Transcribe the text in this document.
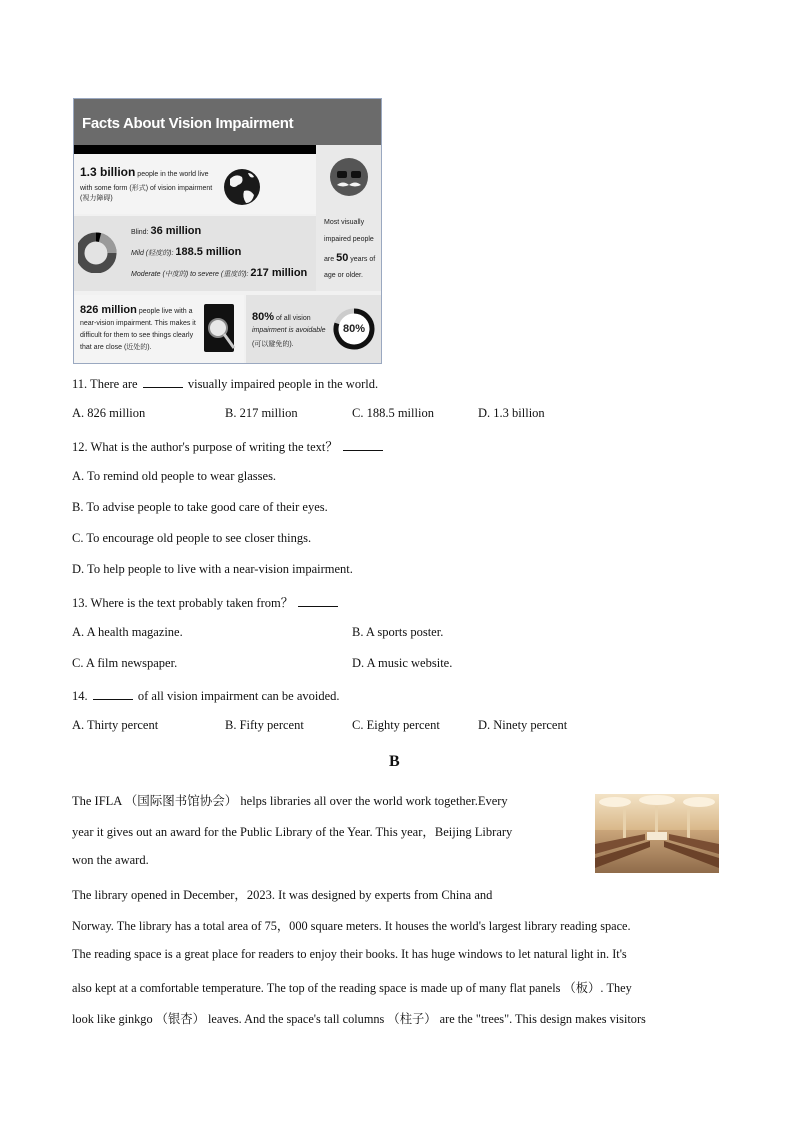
Facts About Vision Impairment
1.3 billion people in the world live
with some form (形式) of vision impairment
(视力障碍)
Blind: 36 million
Mild (轻度的): 188.5 million
Moderate (中度的) to severe (重度的): 217 million
Most visually
impaired people
are 50 years of
age or older.
826 million people live with a
near-vision impairment. This makes it
difficult for them to see things clearly
that are close (近处的).
80% of all vision
impairment is avoidable
(可以避免的).
80%
11. There are	visually impaired people in the world.
A. 826 million	B. 217 million	C. 188.5 million	D. 1.3 billion
12. What is the author's purpose of writing the text？
A. To remind old people to wear glasses.
B. To advise people to take good care of their eyes.
C. To encourage old people to see closer things.
D. To help people to live with a near-vision impairment.
13. Where is the text probably taken from？
A. A health magazine.	B. A sports poster.
C. A film newspaper.	D. A music website.
14.	of all vision impairment can be avoided.
A. Thirty percent	B. Fifty percent	C. Eighty percent	D. Ninety percent
B
The IFLA （国际图书馆协会） helps libraries all over the world work together.Every
year it gives out an award for the Public Library of the Year. This year，Beijing Library
won the award.
The library opened in December，2023. It was designed by experts from China and
Norway. The library has a total area of 75，000 square meters. It houses the world's largest library reading space.
The reading space is a great place for readers to enjoy their books. It has huge windows to let natural light in. It's
also kept at a comfortable temperature. The top of the reading space is made up of many flat panels （板）. They
look like ginkgo （银杏） leaves. And the space's tall columns （柱子） are the "trees". This design makes visitors
